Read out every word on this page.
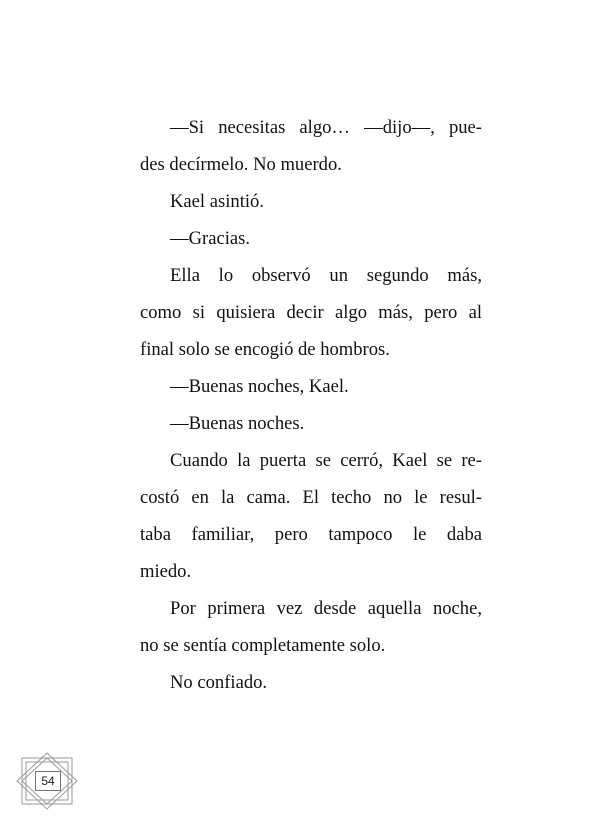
—Si necesitas algo… —dijo—, pue-
des decírmelo. No muerdo.
Kael asintió.
—Gracias.
Ella lo observó un segundo más,
como si quisiera decir algo más, pero al
final solo se encogió de hombros.
—Buenas noches, Kael.
—Buenas noches.
Cuando la puerta se cerró, Kael se re-
costó en la cama. El techo no le resul-
taba familiar, pero tampoco le daba
miedo.
Por primera vez desde aquella noche,
no se sentía completamente solo.
No confiado.
54
